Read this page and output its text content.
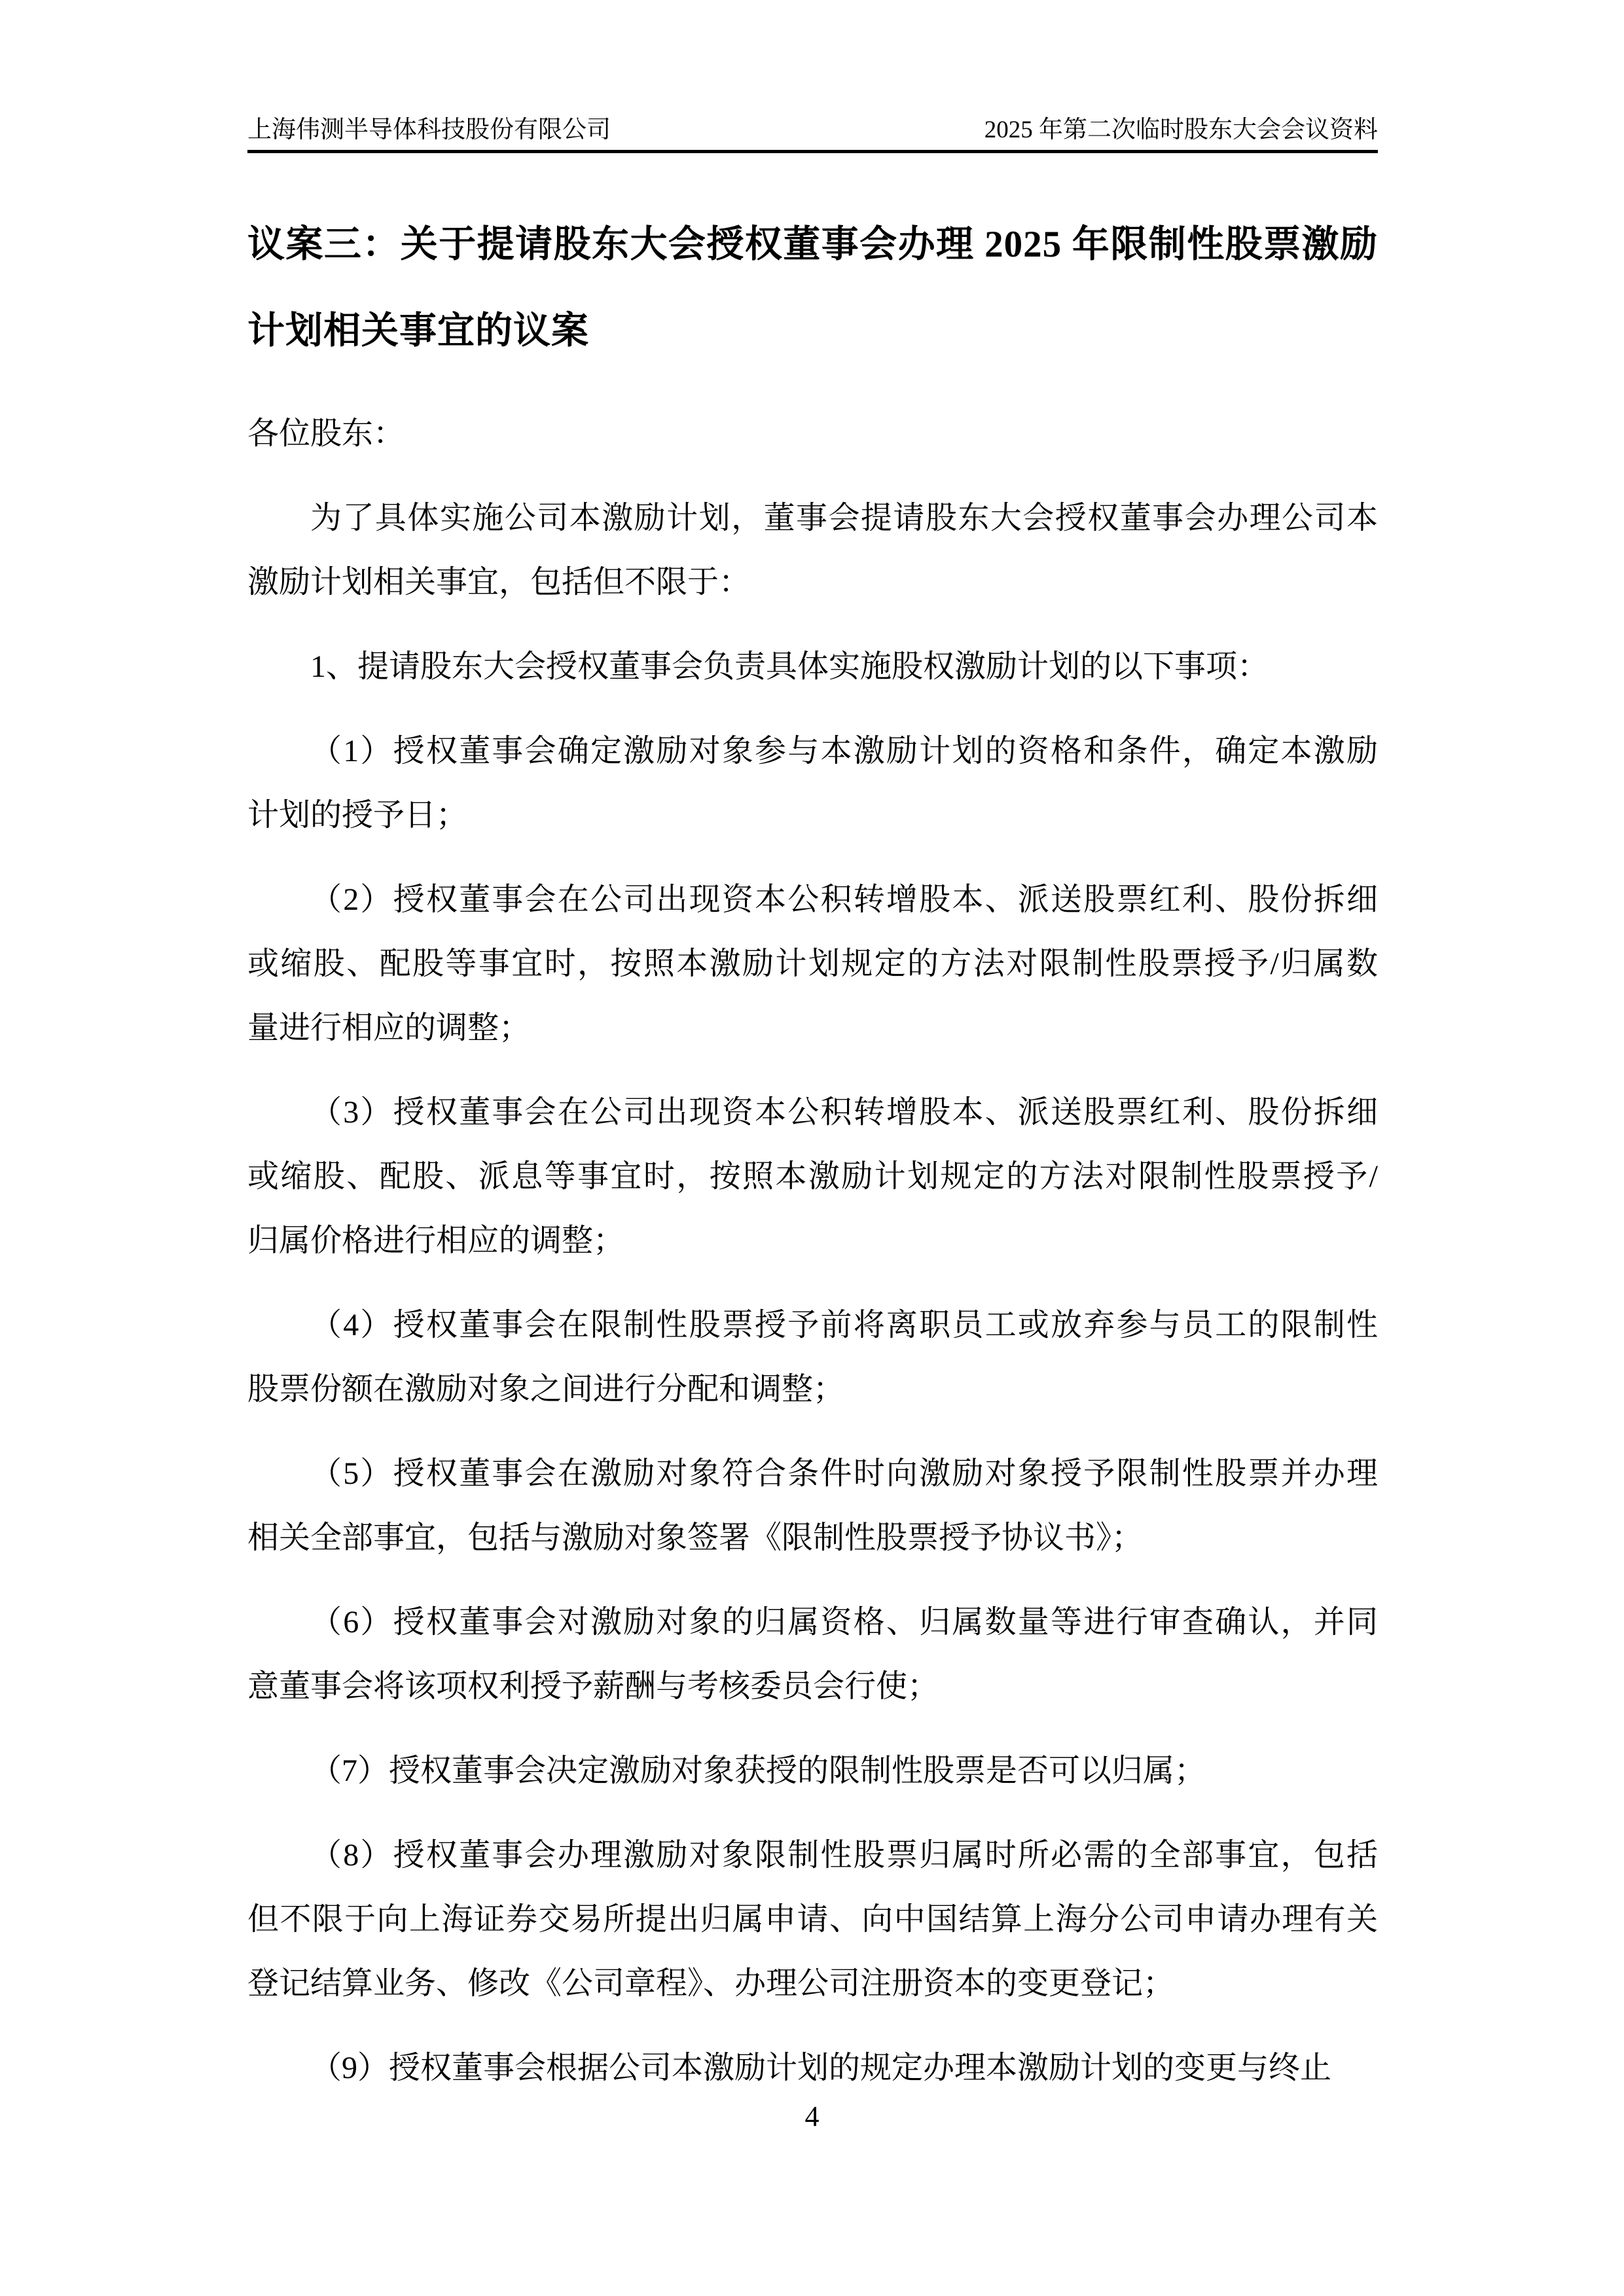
上海伟测半导体科技股份有限公司	2025 年第二次临时股东大会会议资料
议案三：关于提请股东大会授权董事会办理 2025 年限制性股票激励
计划相关事宜的议案
各位股东：
为了具体实施公司本激励计划，董事会提请股东大会授权董事会办理公司本
激励计划相关事宜，包括但不限于：
1、提请股东大会授权董事会负责具体实施股权激励计划的以下事项：
（1）授权董事会确定激励对象参与本激励计划的资格和条件，确定本激励
计划的授予日；
（2）授权董事会在公司出现资本公积转增股本、派送股票红利、股份拆细
或缩股、配股等事宜时，按照本激励计划规定的方法对限制性股票授予/归属数
量进行相应的调整；
（3）授权董事会在公司出现资本公积转增股本、派送股票红利、股份拆细
或缩股、配股、派息等事宜时，按照本激励计划规定的方法对限制性股票授予/
归属价格进行相应的调整；
（4）授权董事会在限制性股票授予前将离职员工或放弃参与员工的限制性
股票份额在激励对象之间进行分配和调整；
（5）授权董事会在激励对象符合条件时向激励对象授予限制性股票并办理
相关全部事宜，包括与激励对象签署《限制性股票授予协议书》；
（6）授权董事会对激励对象的归属资格、归属数量等进行审查确认，并同
意董事会将该项权利授予薪酬与考核委员会行使；
（7）授权董事会决定激励对象获授的限制性股票是否可以归属；
（8）授权董事会办理激励对象限制性股票归属时所必需的全部事宜，包括
但不限于向上海证券交易所提出归属申请、向中国结算上海分公司申请办理有关
登记结算业务、修改《公司章程》、办理公司注册资本的变更登记；
（9）授权董事会根据公司本激励计划的规定办理本激励计划的变更与终止
4
